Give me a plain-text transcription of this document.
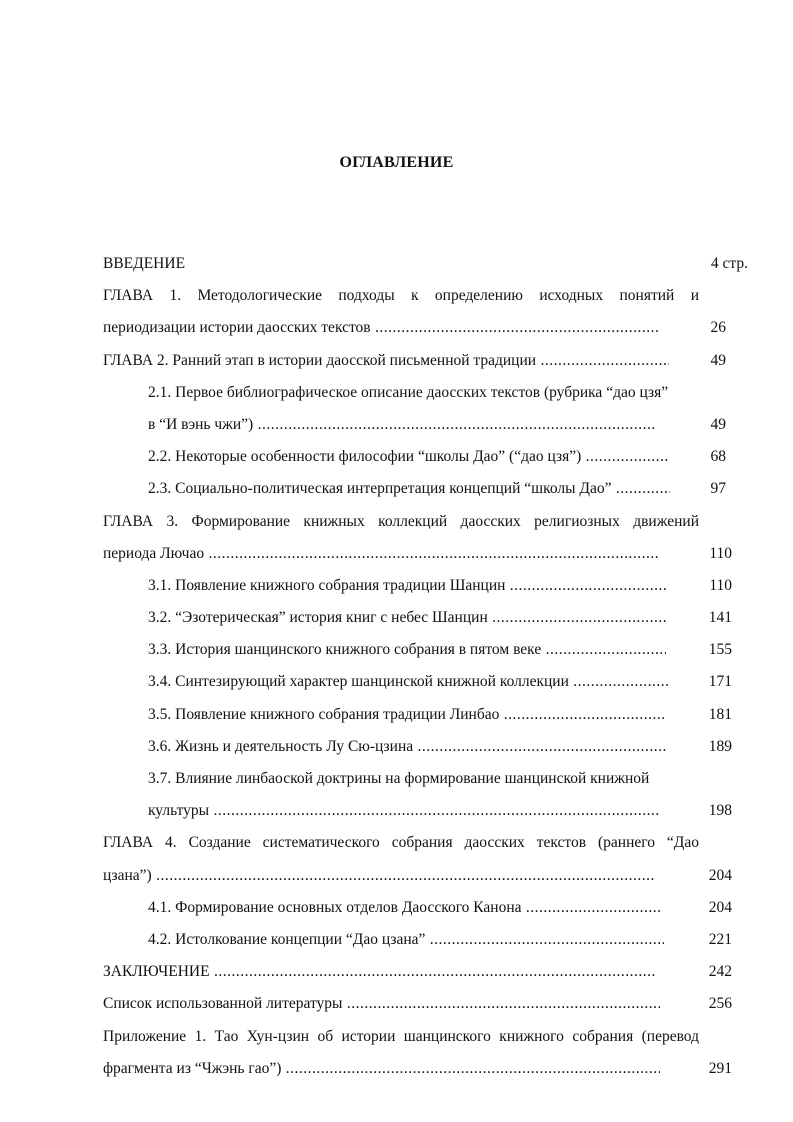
ОГЛАВЛЕНИЕ
ВВЕДЕНИЕ	4 стр.
ГЛАВА 1. Методологические подходы к определению исходных понятий и
периодизации истории даосских текстов .....	26
ГЛАВА 2. Ранний этап в истории даосской письменной традиции .....	49
2.1. Первое библиографическое описание даосских текстов (рубрика “дао цзя”
в “И вэнь чжи”) .....	49
2.2. Некоторые особенности философии “школы Дао” (“дао цзя”) .....	68
2.3. Социально-политическая интерпретация концепций “школы Дао” .....	97
ГЛАВА 3. Формирование книжных коллекций даосских религиозных движений
периода Лючао .....	110
3.1. Появление книжного собрания традиции Шанцин .....	110
3.2. “Эзотерическая” история книг с небес Шанцин .....	141
3.3. История шанцинского книжного собрания в пятом веке .....	155
3.4. Синтезирующий характер шанцинской книжной коллекции .....	171
3.5. Появление книжного собрания традиции Линбао .....	181
3.6. Жизнь и деятельность Лу Сю-цзина .....	189
3.7. Влияние линбаоской доктрины на формирование шанцинской книжной
культуры .....	198
ГЛАВА 4. Создание систематического собрания даосских текстов (раннего “Дао
цзана”) .....	204
4.1. Формирование основных отделов Даосского Канона .....	204
4.2. Истолкование концепции “Дао цзана” .....	221
ЗАКЛЮЧЕНИЕ .....	242
Список использованной литературы .....	256
Приложение 1. Тао Хун-цзин об истории шанцинского книжного собрания (перевод
фрагмента из “Чжэнь гао”) .....	291
